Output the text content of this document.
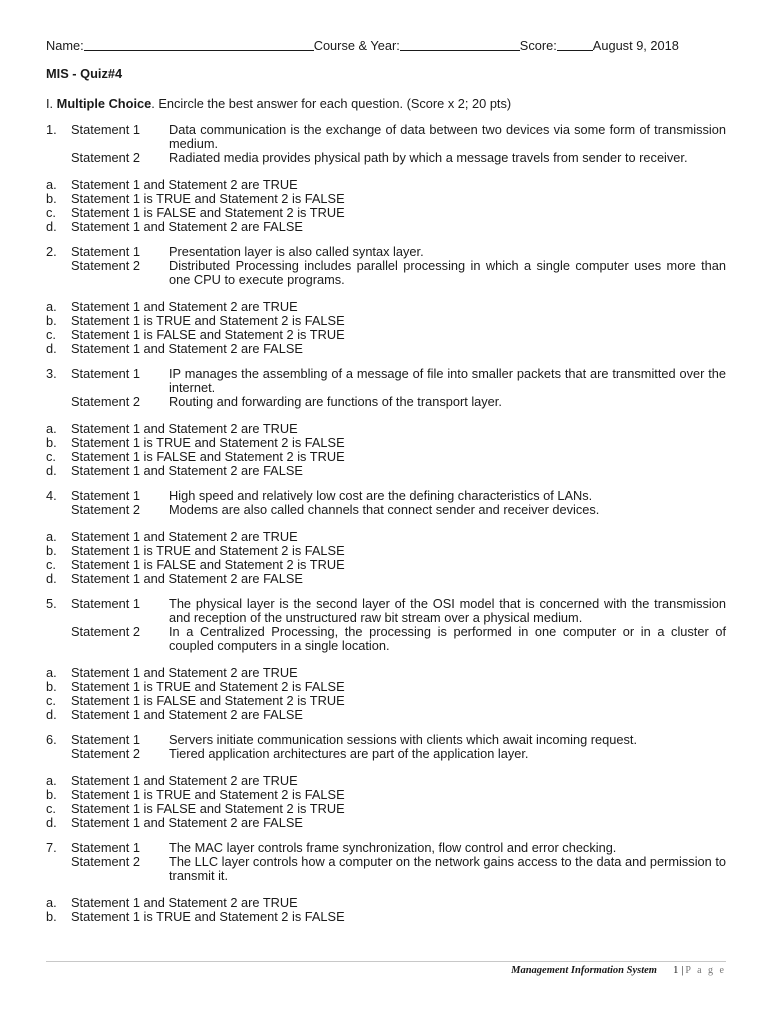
Name:	Course & Year:	Score:	August 9, 2018
MIS - Quiz#4
I. Multiple Choice. Encircle the best answer for each question. (Score x 2; 20 pts)
1.	Statement 1	Data communication is the exchange of data between two devices via some form of transmission medium.
Statement 2	Radiated media provides physical path by which a message travels from sender to receiver.
a.	Statement 1 and Statement 2 are TRUE
b.	Statement 1 is TRUE and Statement 2 is FALSE
c.	Statement 1 is FALSE and Statement 2 is TRUE
d.	Statement 1 and Statement 2 are FALSE
2.	Statement 1	Presentation layer is also called syntax layer.
Statement 2	Distributed Processing includes parallel processing in which a single computer uses more than one CPU to execute programs.
a.	Statement 1 and Statement 2 are TRUE
b.	Statement 1 is TRUE and Statement 2 is FALSE
c.	Statement 1 is FALSE and Statement 2 is TRUE
d.	Statement 1 and Statement 2 are FALSE
3.	Statement 1	IP manages the assembling of a message of file into smaller packets that are transmitted over the internet.
Statement 2	Routing and forwarding are functions of the transport layer.
a.	Statement 1 and Statement 2 are TRUE
b.	Statement 1 is TRUE and Statement 2 is FALSE
c.	Statement 1 is FALSE and Statement 2 is TRUE
d.	Statement 1 and Statement 2 are FALSE
4.	Statement 1	High speed and relatively low cost are the defining characteristics of LANs.
Statement 2	Modems are also called channels that connect sender and receiver devices.
a.	Statement 1 and Statement 2 are TRUE
b.	Statement 1 is TRUE and Statement 2 is FALSE
c.	Statement 1 is FALSE and Statement 2 is TRUE
d.	Statement 1 and Statement 2 are FALSE
5.	Statement 1	The physical layer is the second layer of the OSI model that is concerned with the transmission and reception of the unstructured raw bit stream over a physical medium.
Statement 2	In a Centralized Processing, the processing is performed in one computer or in a cluster of coupled computers in a single location.
a.	Statement 1 and Statement 2 are TRUE
b.	Statement 1 is TRUE and Statement 2 is FALSE
c.	Statement 1 is FALSE and Statement 2 is TRUE
d.	Statement 1 and Statement 2 are FALSE
6.	Statement 1	Servers initiate communication sessions with clients which await incoming request.
Statement 2	Tiered application architectures are part of the application layer.
a.	Statement 1 and Statement 2 are TRUE
b.	Statement 1 is TRUE and Statement 2 is FALSE
c.	Statement 1 is FALSE and Statement 2 is TRUE
d.	Statement 1 and Statement 2 are FALSE
7.	Statement 1	The MAC layer controls frame synchronization, flow control and error checking.
Statement 2	The LLC layer controls how a computer on the network gains access to the data and permission to transmit it.
a.	Statement 1 and Statement 2 are TRUE
b.	Statement 1 is TRUE and Statement 2 is FALSE
Management Information System 1 | P a g e
